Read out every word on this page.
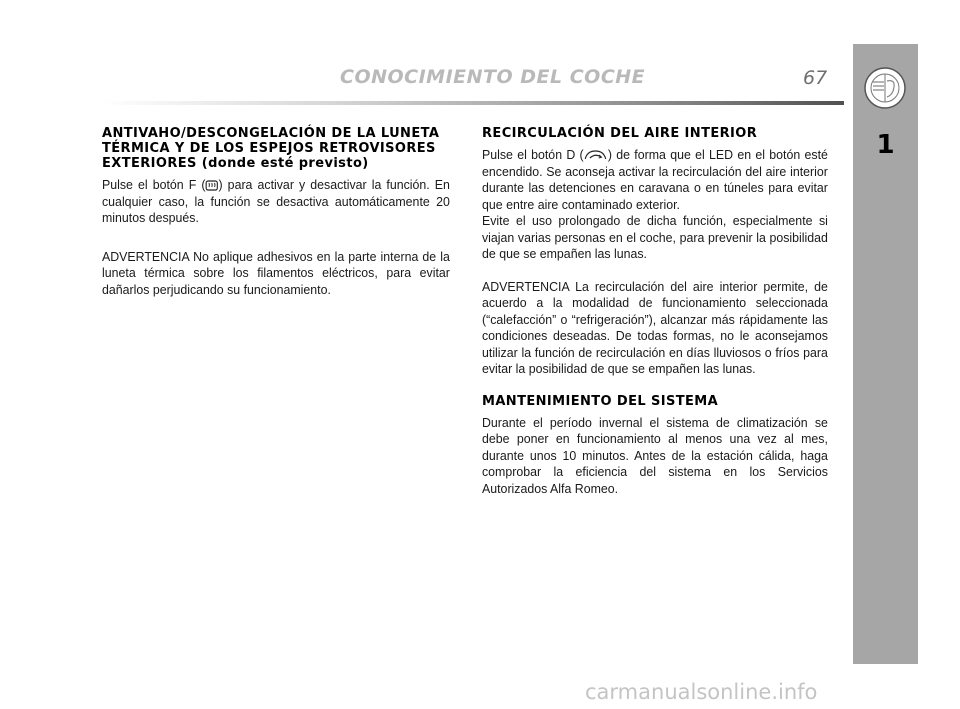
CONOCIMIENTO DEL COCHE	67
1
ANTIVAHO/DESCONGELACIÓN DE LA LUNETA TÉRMICA Y DE LOS ESPEJOS RETROVISORES EXTERIORES (donde esté previsto)

Pulse el botón F ( ) para activar y desactivar la función. En cualquier caso, la función se desactiva automáticamente 20 minutos después.

ADVERTENCIA No aplique adhesivos en la parte interna de la luneta térmica sobre los filamentos eléctricos, para evitar dañarlos perjudicando su funcionamiento.

RECIRCULACIÓN DEL AIRE INTERIOR

Pulse el botón D ( ) de forma que el LED en el botón esté encendido. Se aconseja activar la recirculación del aire interior durante las detenciones en caravana o en túneles para evitar que entre aire contaminado exterior.

Evite el uso prolongado de dicha función, especialmente si viajan varias personas en el coche, para prevenir la posibilidad de que se empañen las lunas.

ADVERTENCIA La recirculación del aire interior permite, de acuerdo a la modalidad de funcionamiento seleccionada (“calefacción” o “refrigeración”), alcanzar más rápidamente las condiciones deseadas. De todas formas, no le aconsejamos utilizar la función de recirculación en días lluviosos o fríos para evitar la posibilidad de que se empañen las lunas.

MANTENIMIENTO DEL SISTEMA

Durante el período invernal el sistema de climatización se debe poner en funcionamiento al menos una vez al mes, durante unos 10 minutos. Antes de la estación cálida, haga comprobar la eficiencia del sistema en los Servicios Autorizados Alfa Romeo.

carmanualsonline.info
